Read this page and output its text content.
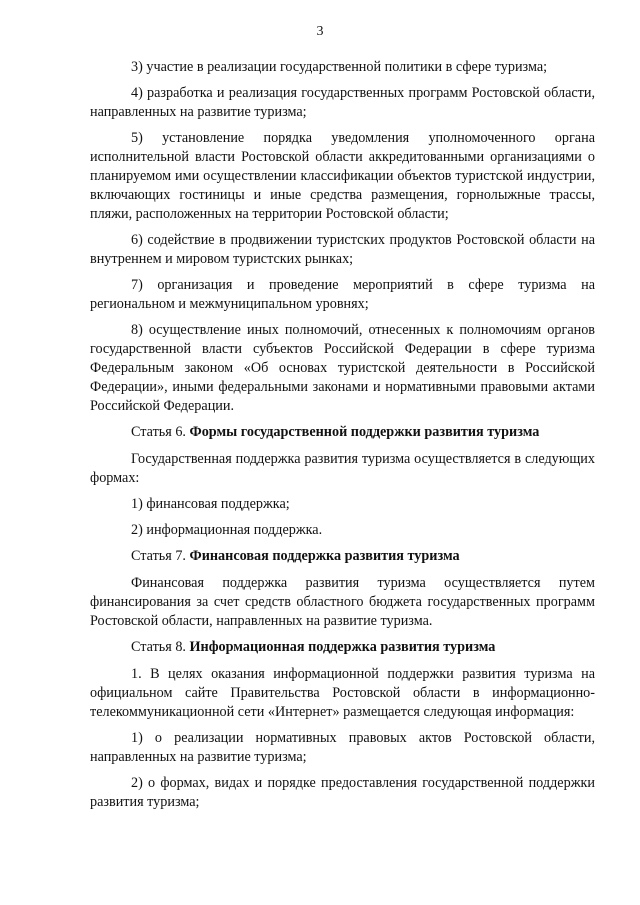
3

3) участие в реализации государственной политики в сфере туризма;

4) разработка и реализация государственных программ Ростовской области, направленных на развитие туризма;

5) установление порядка уведомления уполномоченного органа исполнительной власти Ростовской области аккредитованными организациями о планируемом ими осуществлении классификации объектов туристской индустрии, включающих гостиницы и иные средства размещения, горнолыжные трассы, пляжи, расположенных на территории Ростовской области;

6) содействие в продвижении туристских продуктов Ростовской области на внутреннем и мировом туристских рынках;

7) организация и проведение мероприятий в сфере туризма на региональном и межмуниципальном уровнях;

8) осуществление иных полномочий, отнесенных к полномочиям органов государственной власти субъектов Российской Федерации в сфере туризма Федеральным законом «Об основах туристской деятельности в Российской Федерации», иными федеральными законами и нормативными правовыми актами Российской Федерации.

Статья 6. Формы государственной поддержки развития туризма

Государственная поддержка развития туризма осуществляется в следующих формах:

1) финансовая поддержка;

2) информационная поддержка.

Статья 7. Финансовая поддержка развития туризма

Финансовая поддержка развития туризма осуществляется путем финансирования за счет средств областного бюджета государственных программ Ростовской области, направленных на развитие туризма.

Статья 8. Информационная поддержка развития туризма

1. В целях оказания информационной поддержки развития туризма на официальном сайте Правительства Ростовской области в информационно-телекоммуникационной сети «Интернет» размещается следующая информация:

1) о реализации нормативных правовых актов Ростовской области, направленных на развитие туризма;

2) о формах, видах и порядке предоставления государственной поддержки развития туризма;
